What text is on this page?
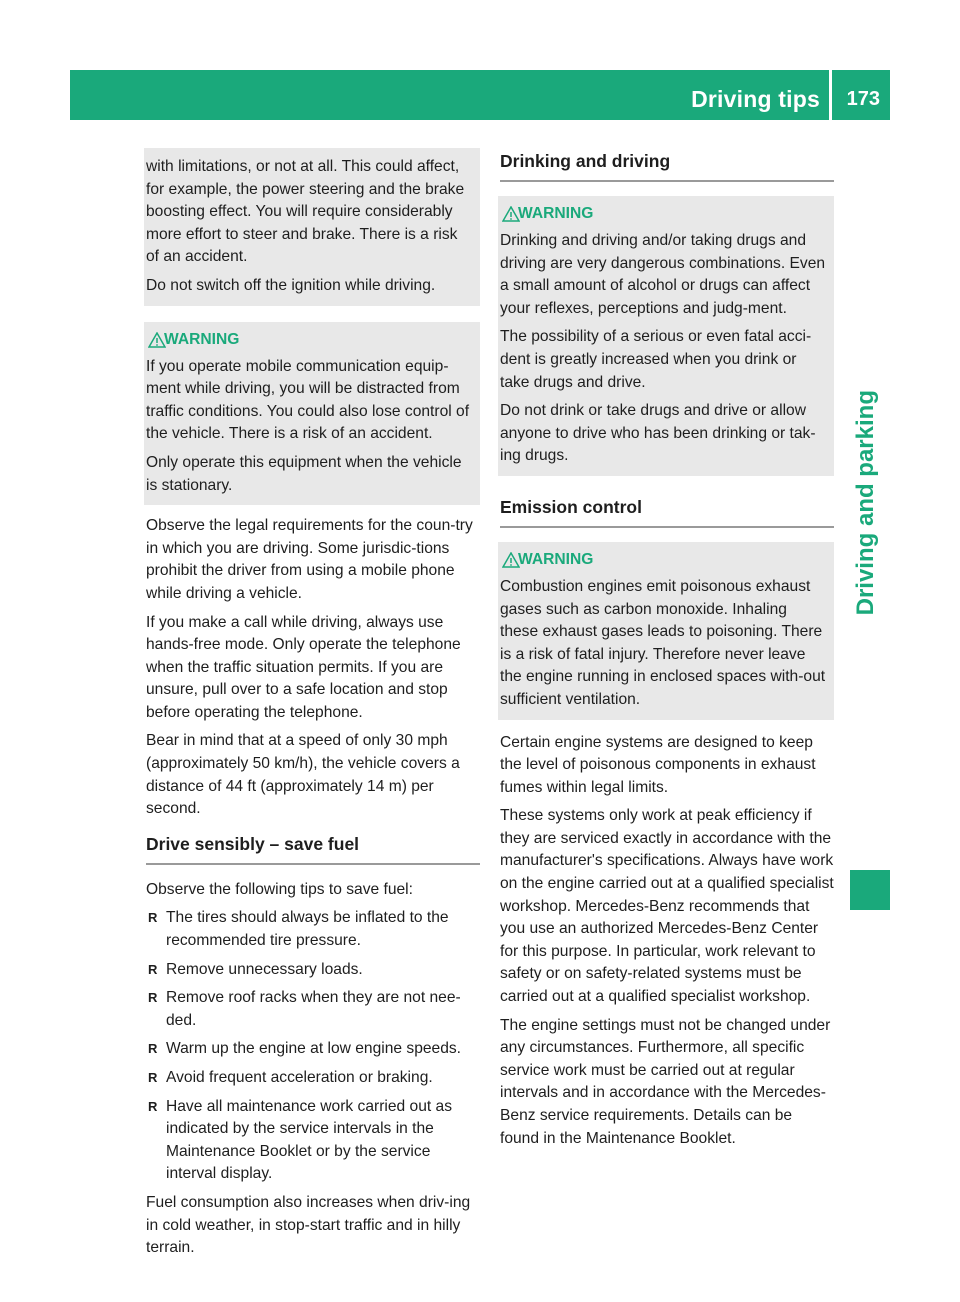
Driving tips 173
Driving and parking

with limitations, or not at all. This could affect, for example, the power steering and the brake boosting effect. You will require considerably more effort to steer and brake. There is a risk of an accident.

Do not switch off the ignition while driving.

WARNING

If you operate mobile communication equip-ment while driving, you will be distracted from traffic conditions. You could also lose control of the vehicle. There is a risk of an accident.

Only operate this equipment when the vehicle is stationary.

Observe the legal requirements for the coun-try in which you are driving. Some jurisdic-tions prohibit the driver from using a mobile phone while driving a vehicle.

If you make a call while driving, always use hands-free mode. Only operate the telephone when the traffic situation permits. If you are unsure, pull over to a safe location and stop before operating the telephone.

Bear in mind that at a speed of only 30 mph (approximately 50 km/h), the vehicle covers a distance of 44 ft (approximately 14 m) per second.

Drive sensibly – save fuel

Observe the following tips to save fuel:

R The tires should always be inflated to the recommended tire pressure.
R Remove unnecessary loads.
R Remove roof racks when they are not nee-ded.
R Warm up the engine at low engine speeds.
R Avoid frequent acceleration or braking.
R Have all maintenance work carried out as indicated by the service intervals in the Maintenance Booklet or by the service interval display.

Fuel consumption also increases when driv-ing in cold weather, in stop-start traffic and in hilly terrain.

Drinking and driving

WARNING

Drinking and driving and/or taking drugs and driving are very dangerous combinations. Even a small amount of alcohol or drugs can affect your reflexes, perceptions and judg-ment.

The possibility of a serious or even fatal acci-dent is greatly increased when you drink or take drugs and drive.

Do not drink or take drugs and drive or allow anyone to drive who has been drinking or tak-ing drugs.

Emission control

WARNING

Combustion engines emit poisonous exhaust gases such as carbon monoxide. Inhaling these exhaust gases leads to poisoning. There is a risk of fatal injury. Therefore never leave the engine running in enclosed spaces with-out sufficient ventilation.

Certain engine systems are designed to keep the level of poisonous components in exhaust fumes within legal limits.

These systems only work at peak efficiency if they are serviced exactly in accordance with the manufacturer's specifications. Always have work on the engine carried out at a qualified specialist workshop. Mercedes-Benz recommends that you use an authorized Mercedes-Benz Center for this purpose. In particular, work relevant to safety or on safety-related systems must be carried out at a qualified specialist workshop.

The engine settings must not be changed under any circumstances. Furthermore, all specific service work must be carried out at regular intervals and in accordance with the Mercedes-Benz service requirements. Details can be found in the Maintenance Booklet.
